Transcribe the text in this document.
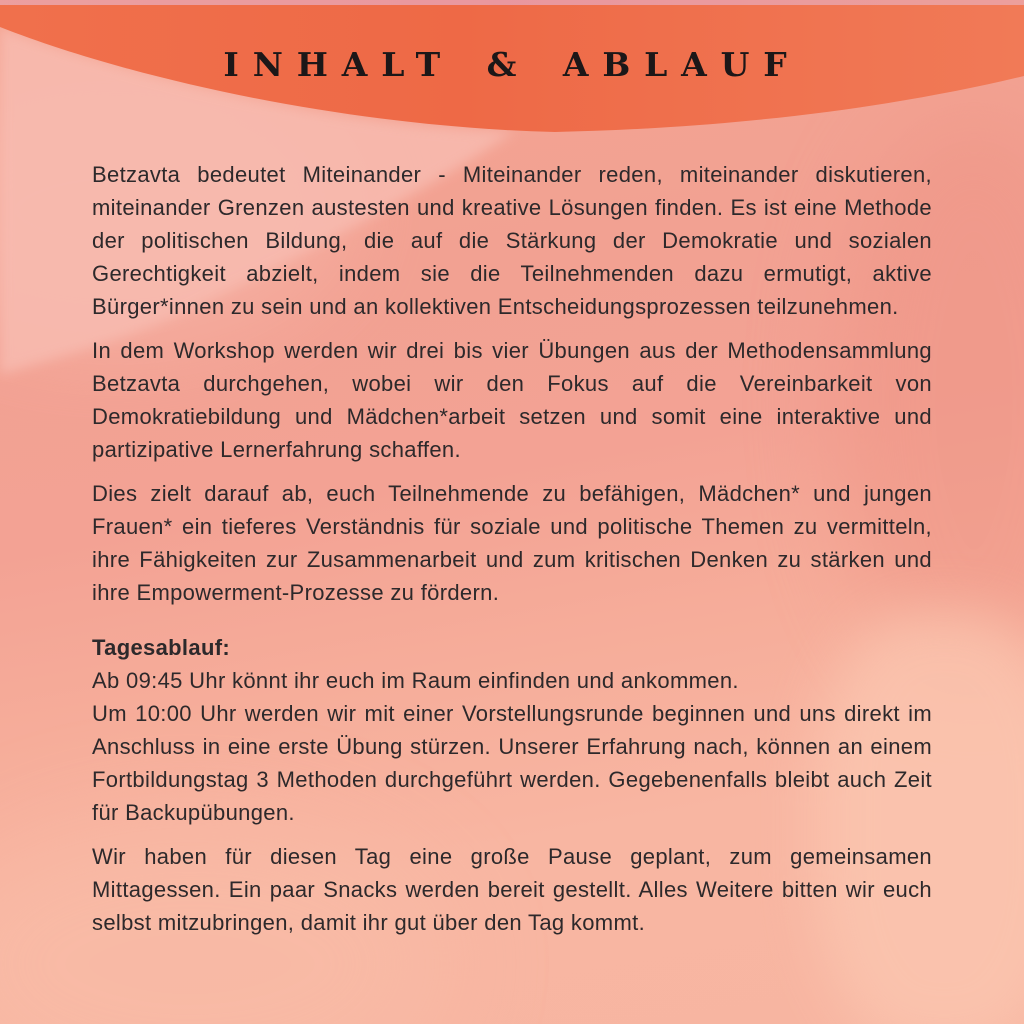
INHALT & ABLAUF

Betzavta bedeutet Miteinander - Miteinander reden, miteinander diskutieren, miteinander Grenzen austesten und kreative Lösungen finden. Es ist eine Methode der politischen Bildung, die auf die Stärkung der Demokratie und sozialen Gerechtigkeit abzielt, indem sie die Teilnehmenden dazu ermutigt, aktive Bürger*innen zu sein und an kollektiven Entscheidungsprozessen teilzunehmen.

In dem Workshop werden wir drei bis vier Übungen aus der Methodensammlung Betzavta durchgehen, wobei wir den Fokus auf die Vereinbarkeit von Demokratiebildung und Mädchen*arbeit setzen und somit eine interaktive und partizipative Lernerfahrung schaffen.

Dies zielt darauf ab, euch Teilnehmende zu befähigen, Mädchen* und jungen Frauen* ein tieferes Verständnis für soziale und politische Themen zu vermitteln, ihre Fähigkeiten zur Zusammenarbeit und zum kritischen Denken zu stärken und ihre Empowerment-Prozesse zu fördern.

Tagesablauf:
Ab 09:45 Uhr könnt ihr euch im Raum einfinden und ankommen.
Um 10:00 Uhr werden wir mit einer Vorstellungsrunde beginnen und uns direkt im Anschluss in eine erste Übung stürzen. Unserer Erfahrung nach, können an einem Fortbildungstag 3 Methoden durchgeführt werden. Gegebenenfalls bleibt auch Zeit für Backupübungen.

Wir haben für diesen Tag eine große Pause geplant, zum gemeinsamen Mittagessen. Ein paar Snacks werden bereit gestellt. Alles Weitere bitten wir euch selbst mitzubringen, damit ihr gut über den Tag kommt.
